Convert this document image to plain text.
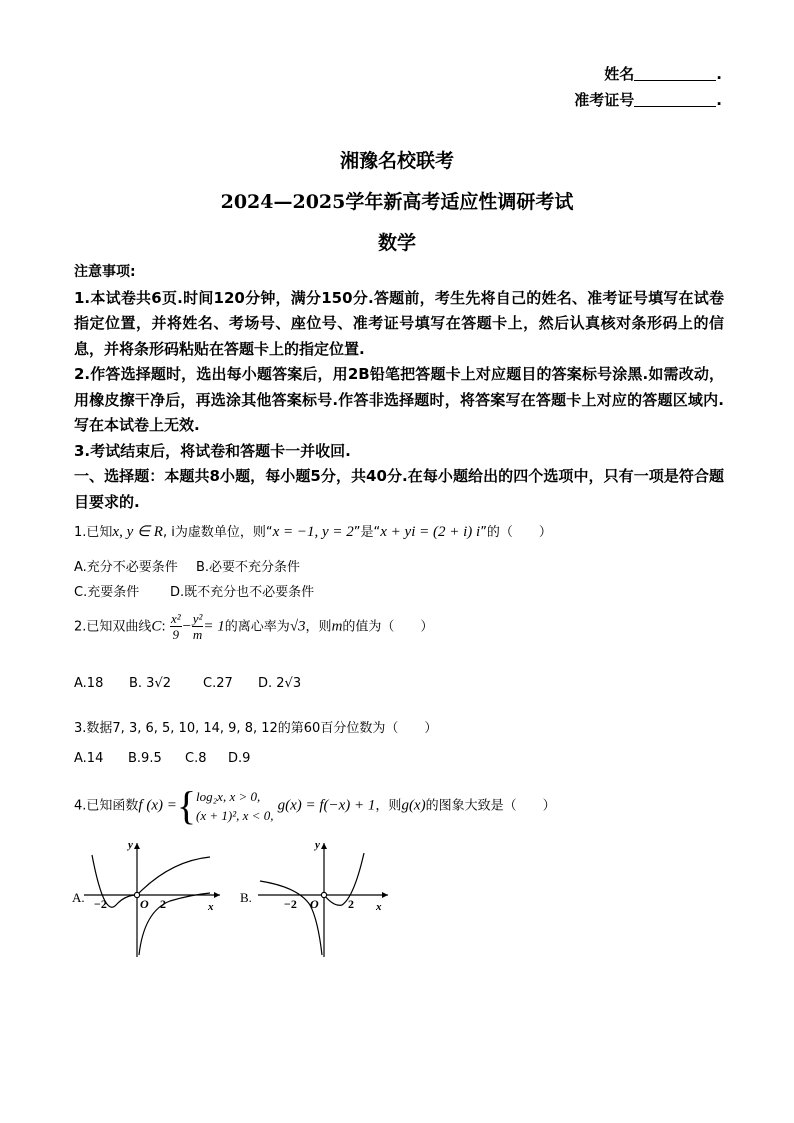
姓名	.
准考证号	.
湘豫名校联考
2024—2025学年新高考适应性调研考试
数学

注意事项:

1.本试卷共6页.时间120分钟，满分150分.答题前，考生先将自己的姓名、准考证号填写在试卷指定位置，并将姓名、考场号、座位号、准考证号填写在答题卡上，然后认真核对条形码上的信息，并将条形码粘贴在答题卡上的指定位置.

2.作答选择题时，选出每小题答案后，用2B铅笔把答题卡上对应题目的答案标号涂黑.如需改动，用橡皮擦干净后，再选涂其他答案标号.作答非选择题时，将答案写在答题卡上对应的答题区域内.写在本试卷上无效.

3.考试结束后，将试卷和答题卡一并收回.

一、选择题：本题共8小题，每小题5分，共40分.在每小题给出的四个选项中，只有一项是符合题目要求的.

1.已知x, y ∈ R, i为虚数单位，则“x = −1, y = 2”是“x + yi = (2 + i) i”的（　　）
A.充分不必要条件 B.必要不充分条件
C.充要条件 D.既不充分也不必要条件
2.已知双曲线C: $\frac{\text{x²}}{9} - \frac{\text{y²}}{m} = 1$的离心率为√3，则m的值为（　　）
A.18 B. 3√2 C.27 D. 2√3
3.数据7, 3, 6, 5, 10, 14, 9, 8, 12的第60百分位数为（　　）
A.14 B.9.5 C.8 D.9
4.已知函数f (x) ={ log₂x, x > 0,
(x + 1)², x < 0,
g(x) = f(−x) + 1，则g(x)的图象大致是（　　）
A.
y
x
O
−2	2	B.
y
x
O
−2	2
